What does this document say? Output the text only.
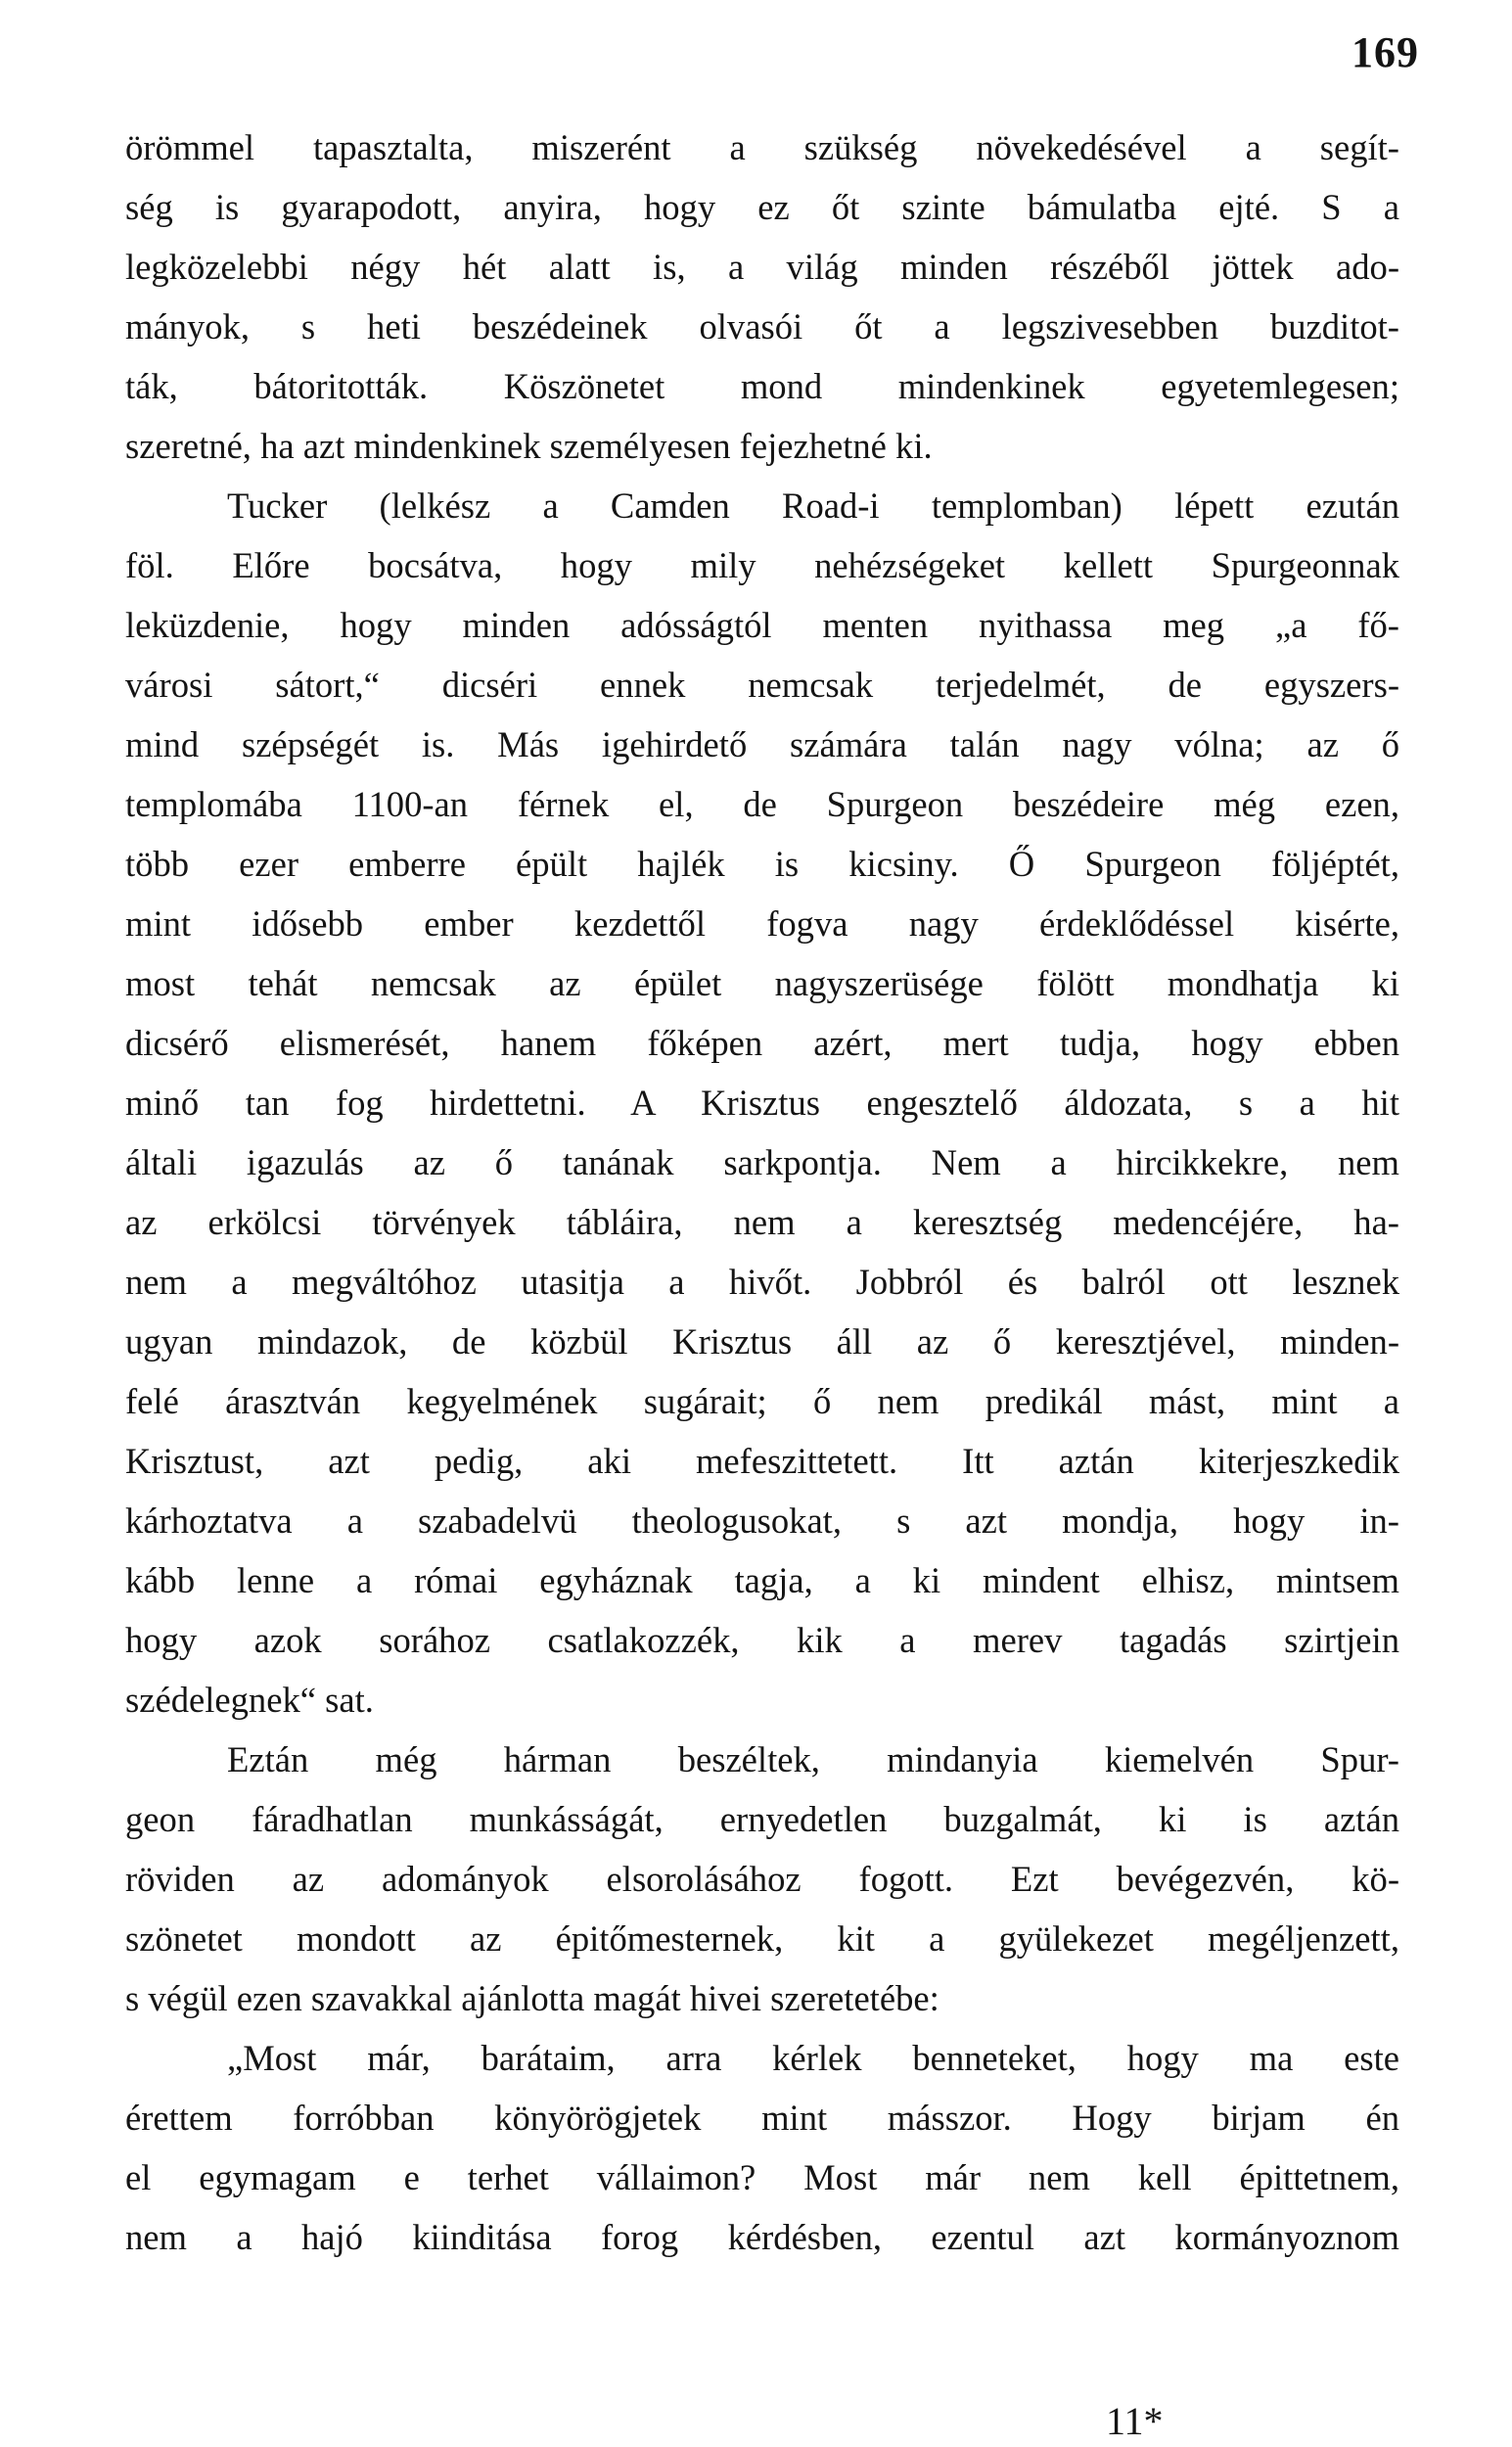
169
örömmel tapasztalta, miszerént a szükség növekedésével a segít-
ség is gyarapodott, anyira, hogy ez őt szinte bámulatba ejté. S a
legközelebbi négy hét alatt is, a világ minden részéből jöttek ado-
mányok, s heti beszédeinek olvasói őt a legszivesebben buzditot-
ták, bátoritották. Köszönetet mond mindenkinek egyetemlegesen;
szeretné, ha azt mindenkinek személyesen fejezhetné ki.
Tucker (lelkész a Camden Road-i templomban) lépett ezután
föl. Előre bocsátva, hogy mily nehézségeket kellett Spurgeonnak
leküzdenie, hogy minden adósságtól menten nyithassa meg „a fő-
városi sátort,“ dicséri ennek nemcsak terjedelmét, de egyszers-
mind szépségét is. Más igehirdető számára talán nagy vólna; az ő
templomába 1100-an férnek el, de Spurgeon beszédeire még ezen,
több ezer emberre épült hajlék is kicsiny. Ő Spurgeon följéptét,
mint idősebb ember kezdettől fogva nagy érdeklődéssel kisérte,
most tehát nemcsak az épület nagyszerüsége fölött mondhatja ki
dicsérő elismerését, hanem főképen azért, mert tudja, hogy ebben
minő tan fog hirdettetni. A Krisztus engesztelő áldozata, s a hit
általi igazulás az ő tanának sarkpontja. Nem a hircikkekre, nem
az erkölcsi törvények tábláira, nem a keresztség medencéjére, ha-
nem a megváltóhoz utasitja a hivőt. Jobbról és balról ott lesznek
ugyan mindazok, de közbül Krisztus áll az ő keresztjével, minden-
felé árasztván kegyelmének sugárait; ő nem predikál mást, mint a
Krisztust, azt pedig, aki mefeszittetett. Itt aztán kiterjeszkedik
kárhoztatva a szabadelvü theologusokat, s azt mondja, hogy in-
kább lenne a római egyháznak tagja, a ki mindent elhisz, mintsem
hogy azok sorához csatlakozzék, kik a merev tagadás szirtjein
szédelegnek“ sat.
Eztán még hárman beszéltek, mindanyia kiemelvén Spur-
geon fáradhatlan munkásságát, ernyedetlen buzgalmát, ki is aztán
röviden az adományok elsorolásához fogott. Ezt bevégezvén, kö-
szönetet mondott az épitőmesternek, kit a gyülekezet megéljenzett,
s végül ezen szavakkal ajánlotta magát hivei szeretetébe:
„Most már, barátaim, arra kérlek benneteket, hogy ma este
érettem forróbban könyörögjetek mint másszor. Hogy birjam én
el egymagam e terhet vállaimon? Most már nem kell épittetnem,
nem a hajó kiinditása forog kérdésben, ezentul azt kormányoznom
11*
